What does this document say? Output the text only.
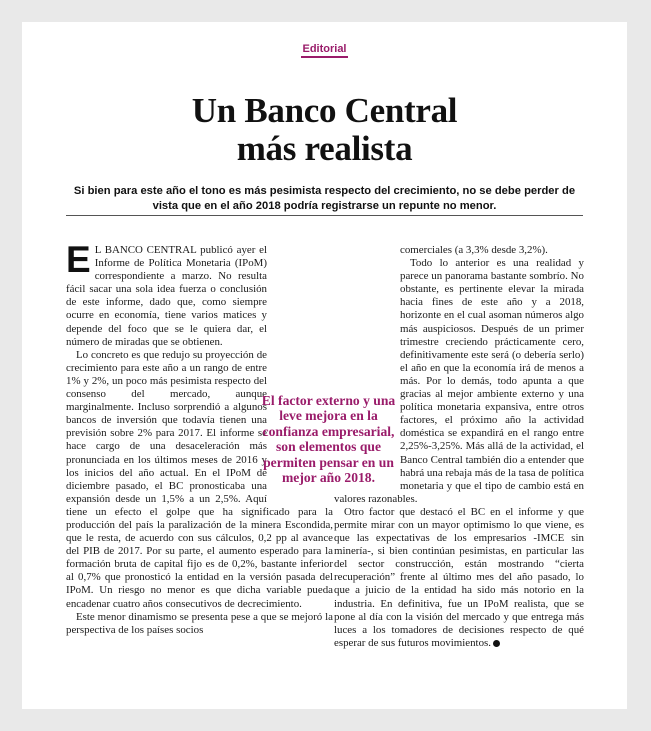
Editorial
Un Banco Central
más realista
Si bien para este año el tono es más pesimista respecto del crecimiento, no se debe perder de vista que en el año 2018 podría registrarse un repunte no menor.

E L BANCO CENTRAL publicó ayer el Informe de Política Monetaria (IPoM) correspondiente a marzo. No resulta fácil sacar una sola idea fuerza o conclusión de este informe, dado que, como siempre ocurre en economía, tiene varios matices y depende del foco que se le quiera dar, el número de miradas que se obtienen.

Lo concreto es que redujo su proyección de crecimiento para este año a un rango de entre 1% y 2%, un poco más pesimista respecto del consenso del mercado, aunque marginalmente. Incluso sorprendió a algunos bancos de inversión que todavía tienen una previsión sobre 2% para 2017. El informe se hace cargo de una desaceleración más pronunciada en los últimos meses de 2016 y los inicios del año actual. En el IPoM de diciembre pasado, el BC pronosticaba una expansión desde un 1,5% a un 2,5%. Aquí tiene un efecto el golpe que ha significado para la producción del país la paralización de la minera Escondida, que le resta, de acuerdo con sus cálculos, 0,2 pp al avance del PIB de 2017. Por su parte, el aumento esperado para la formación bruta de capital fijo es de 0,2%, bastante inferior al 0,7% que pronosticó la entidad en la versión pasada del IPoM. Un riesgo no menor es que dicha variable pueda encadenar cuatro años consecutivos de decrecimiento.

Este menor dinamismo se presenta pese a que se mejoró la perspectiva de los países socios

comerciales (a 3,3% desde 3,2%).

Todo lo anterior es una realidad y parece un panorama bastante sombrío. No obstante, es pertinente elevar la mirada hacia fines de este año y a 2018, horizonte en el cual asoman números algo más auspiciosos. Después de un primer trimestre creciendo prácticamente cero, definitivamente este será (o debería serlo) el año en que la economía irá de menos a más. Por lo demás, todo apunta a que gracias al mejor ambiente externo y una política monetaria expansiva, entre otros factores, el próximo año la actividad doméstica se expandirá en el rango entre 2,25%-3,25%. Más allá de la actividad, el Banco Central también dio a entender que habrá una rebaja más de la tasa de política monetaria y que el tipo de cambio está en valores razonables.

Otro factor que destacó el BC en el informe y que permite mirar con un mayor optimismo lo que viene, es que las expectativas de los empresarios -IMCE sin minería-, si bien continúan pesimistas, en particular las del sector construcción, están mostrando “cierta recuperación” frente al último mes del año pasado, lo que a juicio de la entidad ha sido más notorio en la industria. En definitiva, fue un IPoM realista, que se pone al día con la visión del mercado y que entrega más luces a los tomadores de decisiones respecto de qué esperar de sus futuros movimientos.

El factor externo y una leve mejora en la confianza empresarial, son elementos que permiten pensar en un mejor año 2018.
